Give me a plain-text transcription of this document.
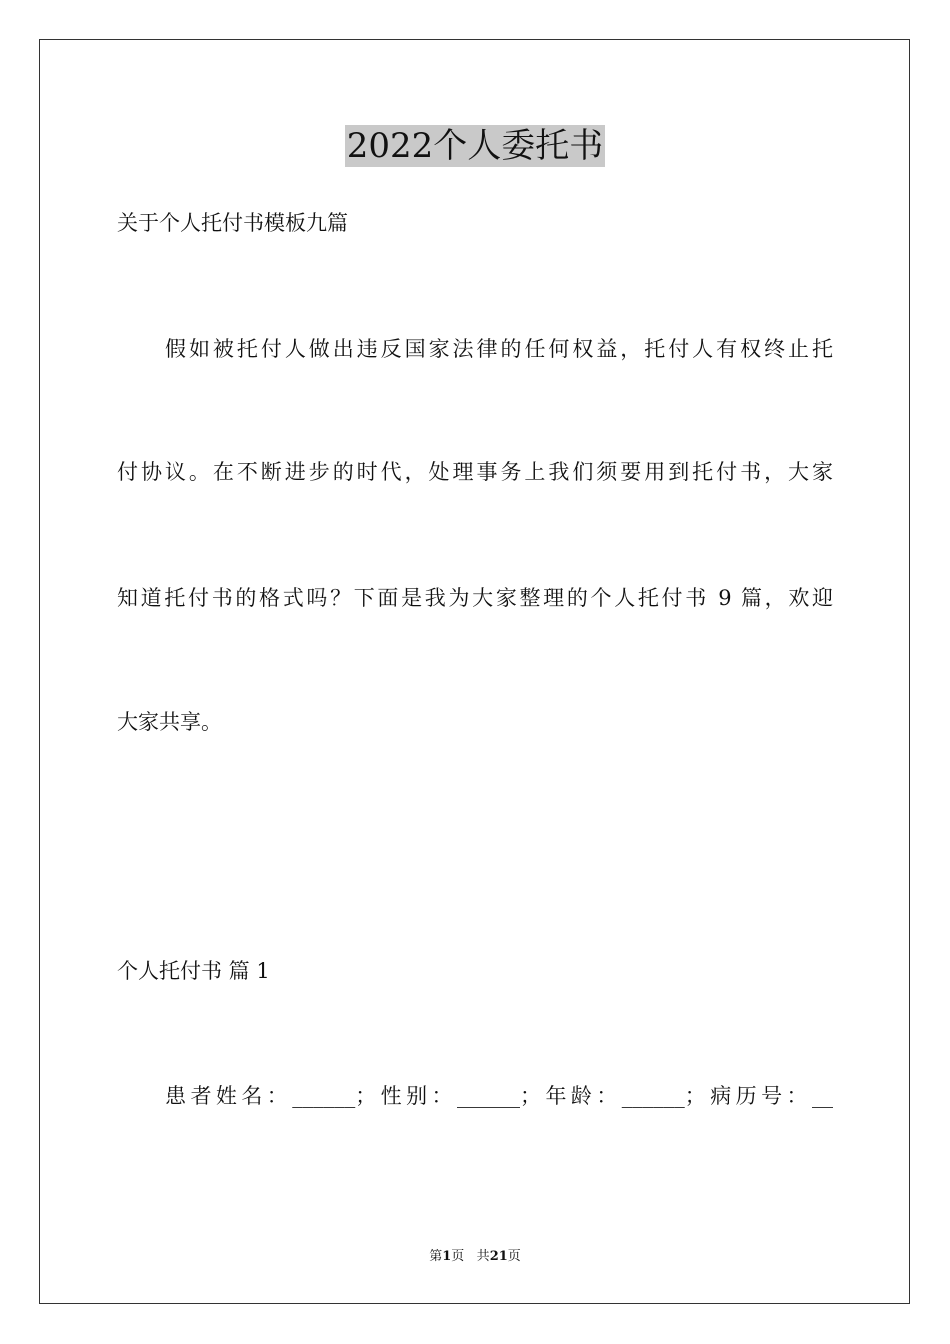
2022个人委托书
关于个人托付书模板九篇
假如被托付人做出违反国家法律的任何权益，托付人有权终止托
付协议。在不断进步的时代，处理事务上我们须要用到托付书，大家
知道托付书的格式吗？下面是我为大家整理的个人托付书 9 篇，欢迎
大家共享。
个人托付书 篇 1
患者姓名：______；性别：______；年龄：______；病历号：__
第1页 共21页
